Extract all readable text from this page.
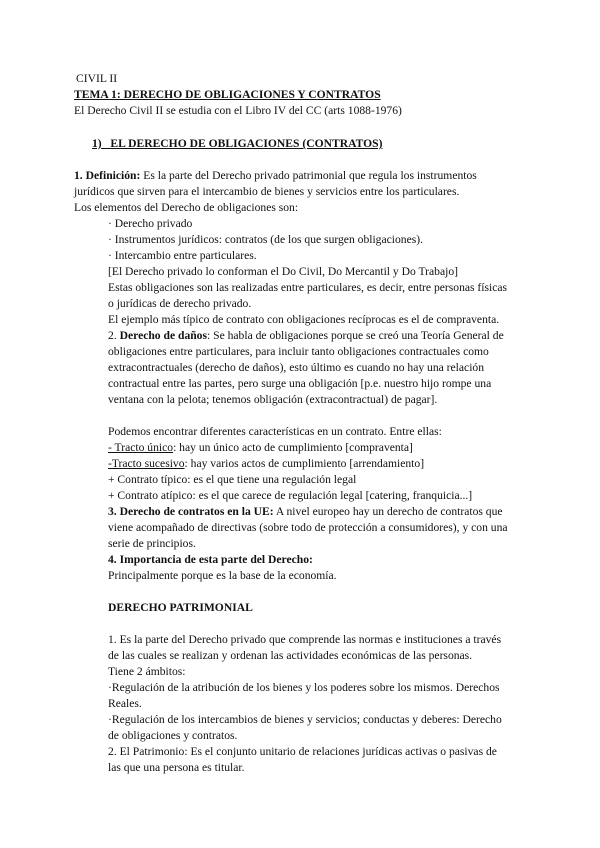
CIVIL II
TEMA 1: DERECHO DE OBLIGACIONES Y CONTRATOS
El Derecho Civil II se estudia con el Libro IV del CC (arts 1088-1976)
1) EL DERECHO DE OBLIGACIONES (CONTRATOS)
1. Definición: Es la parte del Derecho privado patrimonial que regula los instrumentos
jurídicos que sirven para el intercambio de bienes y servicios entre los particulares.
Los elementos del Derecho de obligaciones son:
· Derecho privado
· Instrumentos jurídicos: contratos (de los que surgen obligaciones).
· Intercambio entre particulares.
[El Derecho privado lo conforman el Do Civil, Do Mercantil y Do Trabajo]
Estas obligaciones son las realizadas entre particulares, es decir, entre personas físicas
o jurídicas de derecho privado.
El ejemplo más típico de contrato con obligaciones recíprocas es el de compraventa.
2. Derecho de daños: Se habla de obligaciones porque se creó una Teoría General de
obligaciones entre particulares, para incluir tanto obligaciones contractuales como
extracontractuales (derecho de daños), esto último es cuando no hay una relación
contractual entre las partes, pero surge una obligación [p.e. nuestro hijo rompe una
ventana con la pelota; tenemos obligación (extracontractual) de pagar].
Podemos encontrar diferentes características en un contrato. Entre ellas:
- Tracto único: hay un único acto de cumplimiento [compraventa]
-Tracto sucesivo: hay varios actos de cumplimiento [arrendamiento]
+ Contrato típico: es el que tiene una regulación legal
+ Contrato atípico: es el que carece de regulación legal [catering, franquicia...]
3. Derecho de contratos en la UE: A nivel europeo hay un derecho de contratos que
viene acompañado de directivas (sobre todo de protección a consumidores), y con una
serie de principios.
4. Importancia de esta parte del Derecho:
Principalmente porque es la base de la economía.
DERECHO PATRIMONIAL
1. Es la parte del Derecho privado que comprende las normas e instituciones a través
de las cuales se realizan y ordenan las actividades económicas de las personas.
Tiene 2 ámbitos:
·Regulación de la atribución de los bienes y los poderes sobre los mismos. Derechos
Reales.
·Regulación de los intercambios de bienes y servicios; conductas y deberes: Derecho
de obligaciones y contratos.
2. El Patrimonio: Es el conjunto unitario de relaciones jurídicas activas o pasivas de
las que una persona es titular.
